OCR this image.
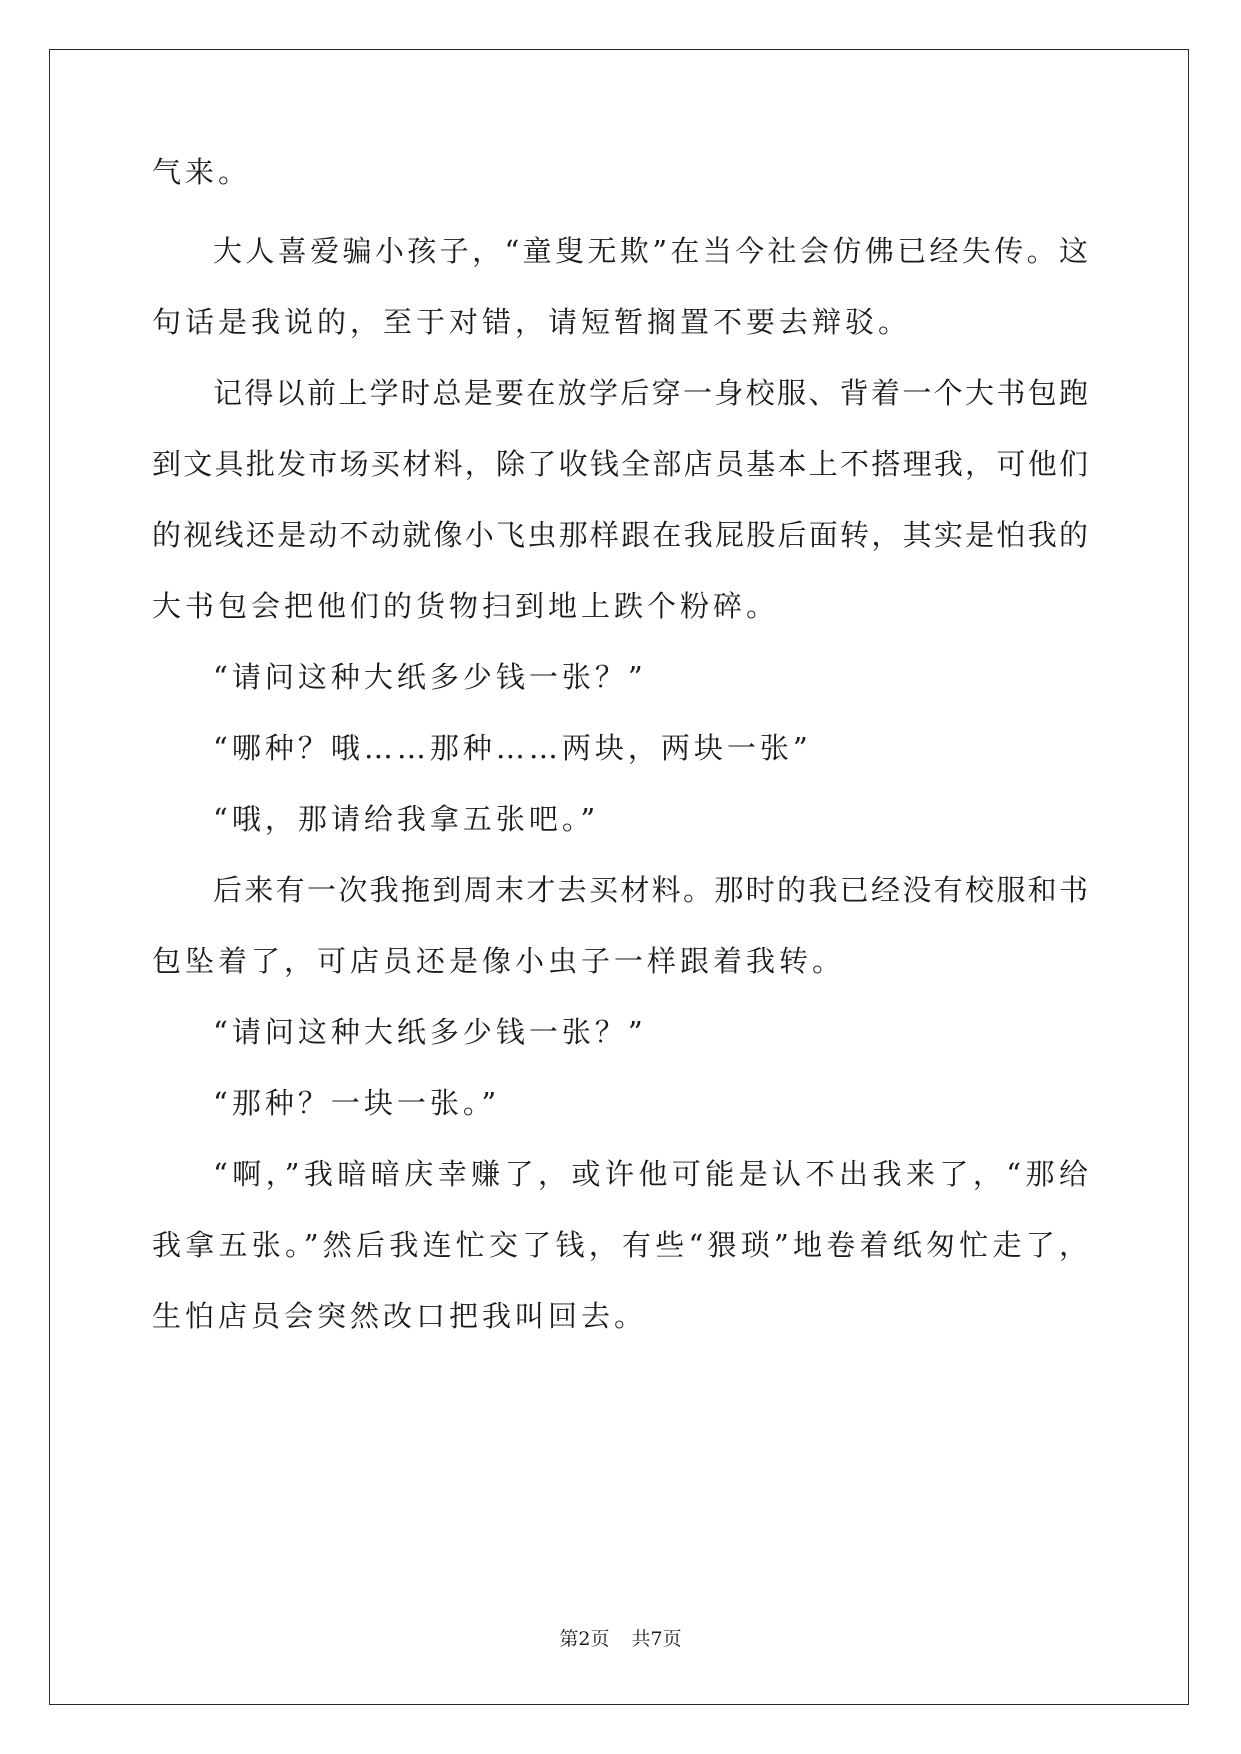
气来。
大人喜爱骗小孩子，“童叟无欺”在当今社会仿佛已经失传。这
句话是我说的，至于对错，请短暂搁置不要去辩驳。
记得以前上学时总是要在放学后穿一身校服、背着一个大书包跑
到文具批发市场买材料，除了收钱全部店员基本上不搭理我，可他们
的视线还是动不动就像小飞虫那样跟在我屁股后面转，其实是怕我的
大书包会把他们的货物扫到地上跌个粉碎。
“请问这种大纸多少钱一张？”
“哪种？哦……那种……两块，两块一张”
“哦，那请给我拿五张吧。”
后来有一次我拖到周末才去买材料。那时的我已经没有校服和书
包坠着了，可店员还是像小虫子一样跟着我转。
“请问这种大纸多少钱一张？”
“那种？一块一张。”
“啊，”我暗暗庆幸赚了，或许他可能是认不出我来了，“那给
我拿五张。”然后我连忙交了钱，有些“猥琐”地卷着纸匆忙走了，
生怕店员会突然改口把我叫回去。
第2页 共7页
